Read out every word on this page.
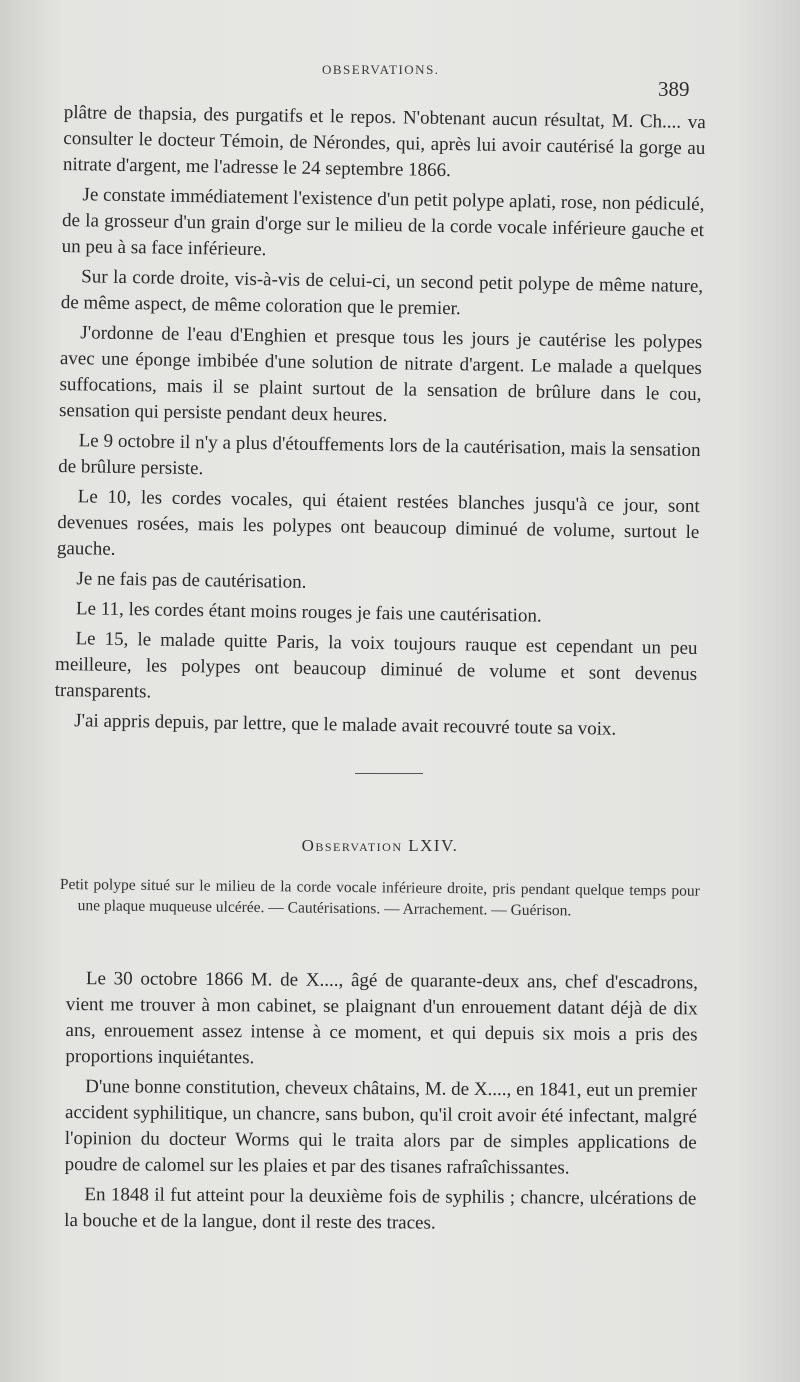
OBSERVATIONS.
389

plâtre de thapsia, des purgatifs et le repos. N'obtenant aucun résultat, M. Ch.... va consulter le docteur Témoin, de Nérondes, qui, après lui avoir cautérisé la gorge au nitrate d'argent, me l'adresse le 24 septembre 1866.

Je constate immédiatement l'existence d'un petit polype aplati, rose, non pédiculé, de la grosseur d'un grain d'orge sur le milieu de la corde vocale inférieure gauche et un peu à sa face inférieure.

Sur la corde droite, vis-à-vis de celui-ci, un second petit polype de même nature, de même aspect, de même coloration que le premier.

J'ordonne de l'eau d'Enghien et presque tous les jours je cautérise les polypes avec une éponge imbibée d'une solution de nitrate d'argent. Le malade a quelques suffocations, mais il se plaint surtout de la sensation de brûlure dans le cou, sensation qui persiste pendant deux heures.

Le 9 octobre il n'y a plus d'étouffements lors de la cautérisation, mais la sensation de brûlure persiste.

Le 10, les cordes vocales, qui étaient restées blanches jusqu'à ce jour, sont devenues rosées, mais les polypes ont beaucoup diminué de volume, surtout le gauche.

Je ne fais pas de cautérisation.

Le 11, les cordes étant moins rouges je fais une cautérisation.

Le 15, le malade quitte Paris, la voix toujours rauque est cependant un peu meilleure, les polypes ont beaucoup diminué de volume et sont devenus transparents.

J'ai appris depuis, par lettre, que le malade avait recouvré toute sa voix.

Observation LXIV.
Petit polype situé sur le milieu de la corde vocale inférieure droite, pris pendant quelque temps pour une plaque muqueuse ulcérée. — Cautérisations. — Arrachement. — Guérison.

Le 30 octobre 1866 M. de X...., âgé de quarante-deux ans, chef d'escadrons, vient me trouver à mon cabinet, se plaignant d'un enrouement datant déjà de dix ans, enrouement assez intense à ce moment, et qui depuis six mois a pris des proportions inquiétantes.

D'une bonne constitution, cheveux châtains, M. de X...., en 1841, eut un premier accident syphilitique, un chancre, sans bubon, qu'il croit avoir été infectant, malgré l'opinion du docteur Worms qui le traita alors par de simples applications de poudre de calomel sur les plaies et par des tisanes rafraîchissantes.

En 1848 il fut atteint pour la deuxième fois de syphilis ; chancre, ulcérations de la bouche et de la langue, dont il reste des traces.
